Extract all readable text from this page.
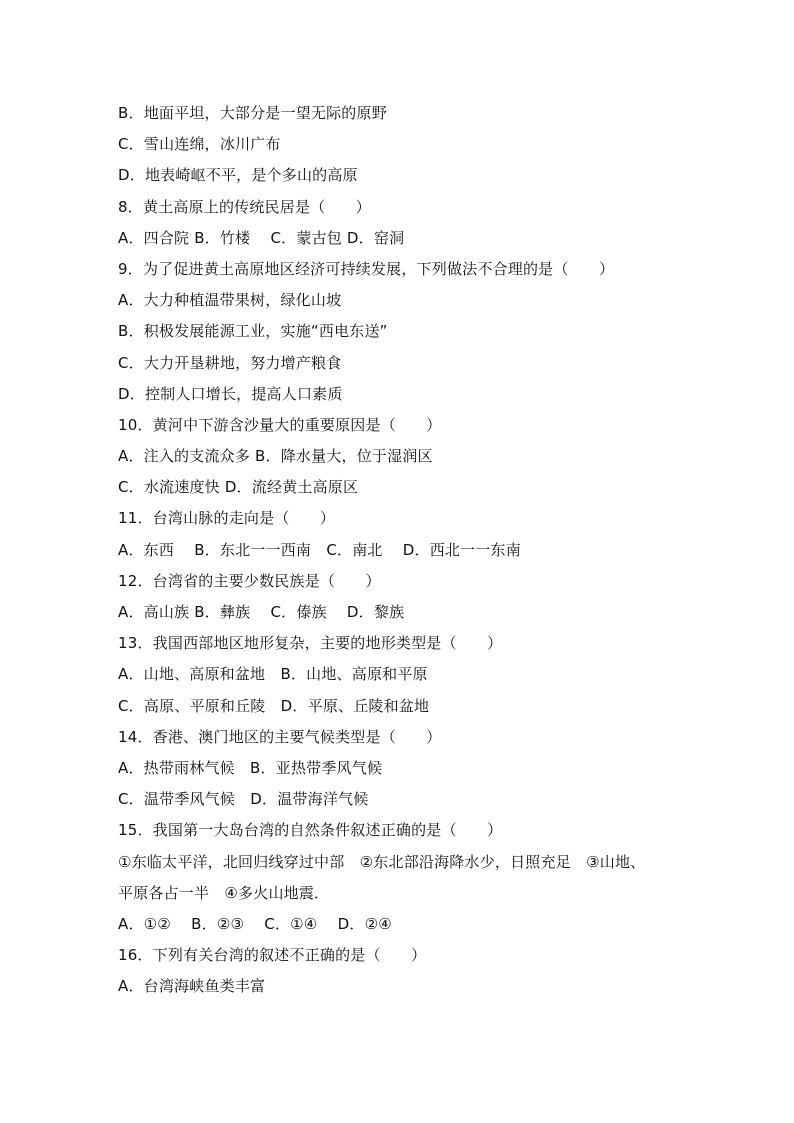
B．地面平坦，大部分是一望无际的原野
C．雪山连绵，冰川广布
D．地表崎岖不平，是个多山的高原
8．黄土高原上的传统民居是（　　）
A．四合院 B．竹楼　 C．蒙古包 D．窑洞
9．为了促进黄土高原地区经济可持续发展，下列做法不合理的是（　　）
A．大力种植温带果树，绿化山坡
B．积极发展能源工业，实施“西电东送”
C．大力开垦耕地，努力增产粮食
D．控制人口增长，提高人口素质
10．黄河中下游含沙量大的重要原因是（　　）
A．注入的支流众多 B．降水量大，位于湿润区
C．水流速度快 D．流经黄土高原区
11．台湾山脉的走向是（　　）
A．东西　 B．东北一一西南　C．南北　 D．西北一一东南
12．台湾省的主要少数民族是（　　）
A．高山族 B．彝族　 C．傣族　 D．黎族
13．我国西部地区地形复杂，主要的地形类型是（　　）
A．山地、高原和盆地　B．山地、高原和平原
C．高原、平原和丘陵　D．平原、丘陵和盆地
14．香港、澳门地区的主要气候类型是（　　）
A．热带雨林气候　B．亚热带季风气候
C．温带季风气候　D．温带海洋气候
15．我国第一大岛台湾的自然条件叙述正确的是（　　）
①东临太平洋，北回归线穿过中部　②东北部沿海降水少，日照充足　③山地、
平原各占一半　④多火山地震．
A．①②　 B．②③　 C．①④　 D．②④
16．下列有关台湾的叙述不正确的是（　　）
A．台湾海峡鱼类丰富
